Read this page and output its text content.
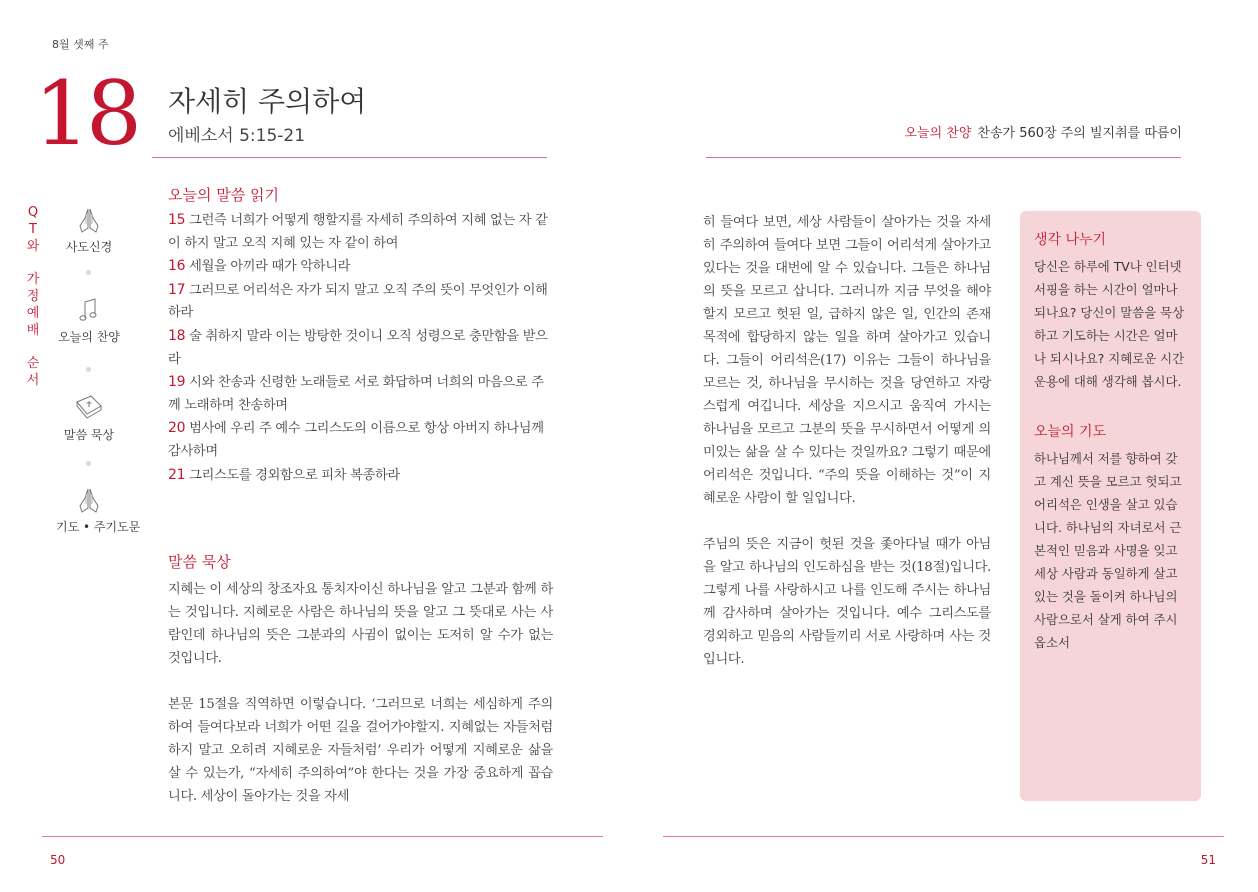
8월 셋째 주
18 자세히 주의하여
에베소서 5:15-21
Q
T
와
가
정
예
배
순
서
사도신경
오늘의 찬양
말씀 묵상
기도 • 주기도문
오늘의 말씀 읽기
15 그런즉 너희가 어떻게 행할지를 자세히 주의하여 지혜 없는 자 같이 하지 말고 오직 지혜 있는 자 같이 하여
16 세월을 아끼라 때가 악하니라
17 그러므로 어리석은 자가 되지 말고 오직 주의 뜻이 무엇인가 이해하라
18 술 취하지 말라 이는 방탕한 것이니 오직 성령으로 충만함을 받으라
19 시와 찬송과 신령한 노래들로 서로 화답하며 너희의 마음으로 주께 노래하며 찬송하며
20 범사에 우리 주 예수 그리스도의 이름으로 항상 아버지 하나님께 감사하며
21 그리스도를 경외함으로 피차 복종하라
말씀 묵상

지혜는 이 세상의 창조자요 통치자이신 하나님을 알고 그분과 함께 하는 것입니다. 지혜로운 사람은 하나님의 뜻을 알고 그 뜻대로 사는 사람인데 하나님의 뜻은 그분과의 사귐이 없이는 도저히 알 수가 없는 것입니다.

본문 15절을 직역하면 이렇습니다. ‘그러므로 너희는 세심하게 주의하여 들여다보라 너희가 어떤 길을 걸어가야할지. 지혜없는 자들처럼 하지 말고 오히려 지혜로운 자들처럼’ 우리가 어떻게 지혜로운 삶을 살 수 있는가, “자세히 주의하여”야 한다는 것을 가장 중요하게 꼽습니다. 세상이 돌아가는 것을 자세

50
오늘의 찬양 찬송가 560장 주의 빌지취를 따름이

히 들여다 보면, 세상 사람들이 살아가는 것을 자세히 주의하여 들여다 보면 그들이 어리석게 살아가고 있다는 것을 대번에 알 수 있습니다. 그들은 하나님의 뜻을 모르고 삽니다. 그러니까 지금 무엇을 해야 할지 모르고 헛된 일, 급하지 않은 일, 인간의 존재 목적에 합당하지 않는 일을 하며 살아가고 있습니다. 그들이 어리석은(17) 이유는 그들이 하나님을 모르는 것, 하나님을 무시하는 것을 당연하고 자랑스럽게 여깁니다. 세상을 지으시고 움직여 가시는 하나님을 모르고 그분의 뜻을 무시하면서 어떻게 의미있는 삶을 살 수 있다는 것일까요? 그렇기 때문에 어리석은 것입니다. “주의 뜻을 이해하는 것”이 지혜로운 사람이 할 일입니다.

주님의 뜻은 지금이 헛된 것을 좇아다닐 때가 아님을 알고 하나님의 인도하심을 받는 것(18절)입니다. 그렇게 나를 사랑하시고 나를 인도해 주시는 하나님께 감사하며 살아가는 것입니다. 예수 그리스도를 경외하고 믿음의 사람들끼리 서로 사랑하며 사는 것입니다.

생각 나누기

당신은 하루에 TV나 인터넷 서핑을 하는 시간이 얼마나 되나요? 당신이 말씀을 묵상하고 기도하는 시간은 얼마나 되시나요? 지혜로운 시간 운용에 대해 생각해 봅시다.

오늘의 기도

하나님께서 저를 향하여 갖고 계신 뜻을 모르고 헛되고 어리석은 인생을 살고 있습니다. 하나님의 자녀로서 근본적인 믿음과 사명을 잊고 세상 사람과 동일하게 살고 있는 것을 돌이켜 하나님의 사람으로서 살게 하여 주시옵소서

51
